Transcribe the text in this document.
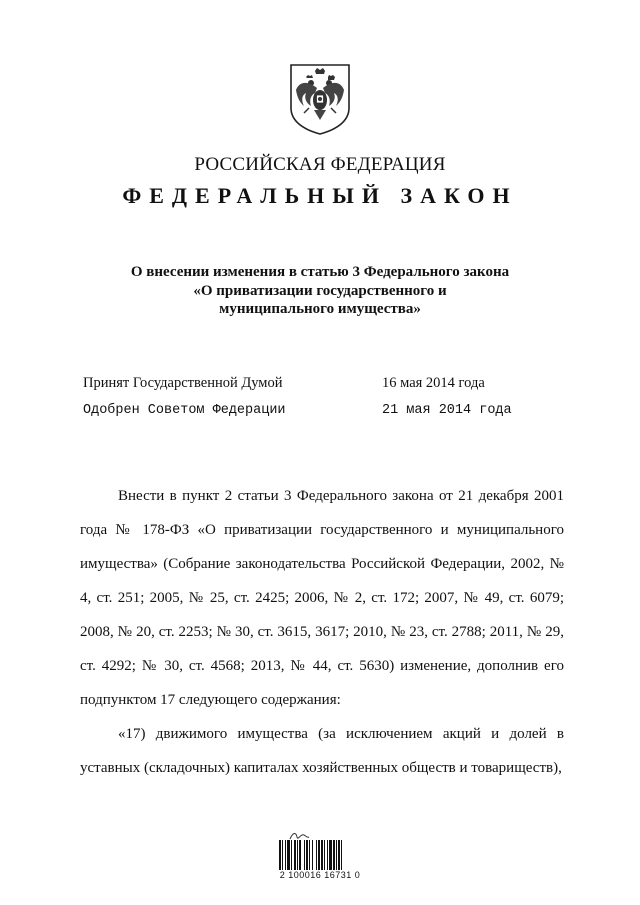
РОССИЙСКАЯ ФЕДЕРАЦИЯ
ФЕДЕРАЛЬНЫЙ ЗАКОН
О внесении изменения в статью 3 Федерального закона
«О приватизации государственного и
муниципального имущества»
Принят Государственной Думой	16 мая 2014 года
Одобрен Советом Федерации	21 мая 2014 года

Внести в пункт 2 статьи 3 Федерального закона от 21 декабря 2001 года № 178-ФЗ «О приватизации государственного и муниципального имущества» (Собрание законодательства Российской Федерации, 2002, № 4, ст. 251; 2005, № 25, ст. 2425; 2006, № 2, ст. 172; 2007, № 49, ст. 6079; 2008, № 20, ст. 2253; № 30, ст. 3615, 3617; 2010, № 23, ст. 2788; 2011, № 29, ст. 4292; № 30, ст. 4568; 2013, № 44, ст. 5630) изменение, дополнив его подпунктом 17 следующего содержания:

«17) движимого имущества (за исключением акций и долей в уставных (складочных) капиталах хозяйственных обществ и товариществ),

2 100016 16731 0
